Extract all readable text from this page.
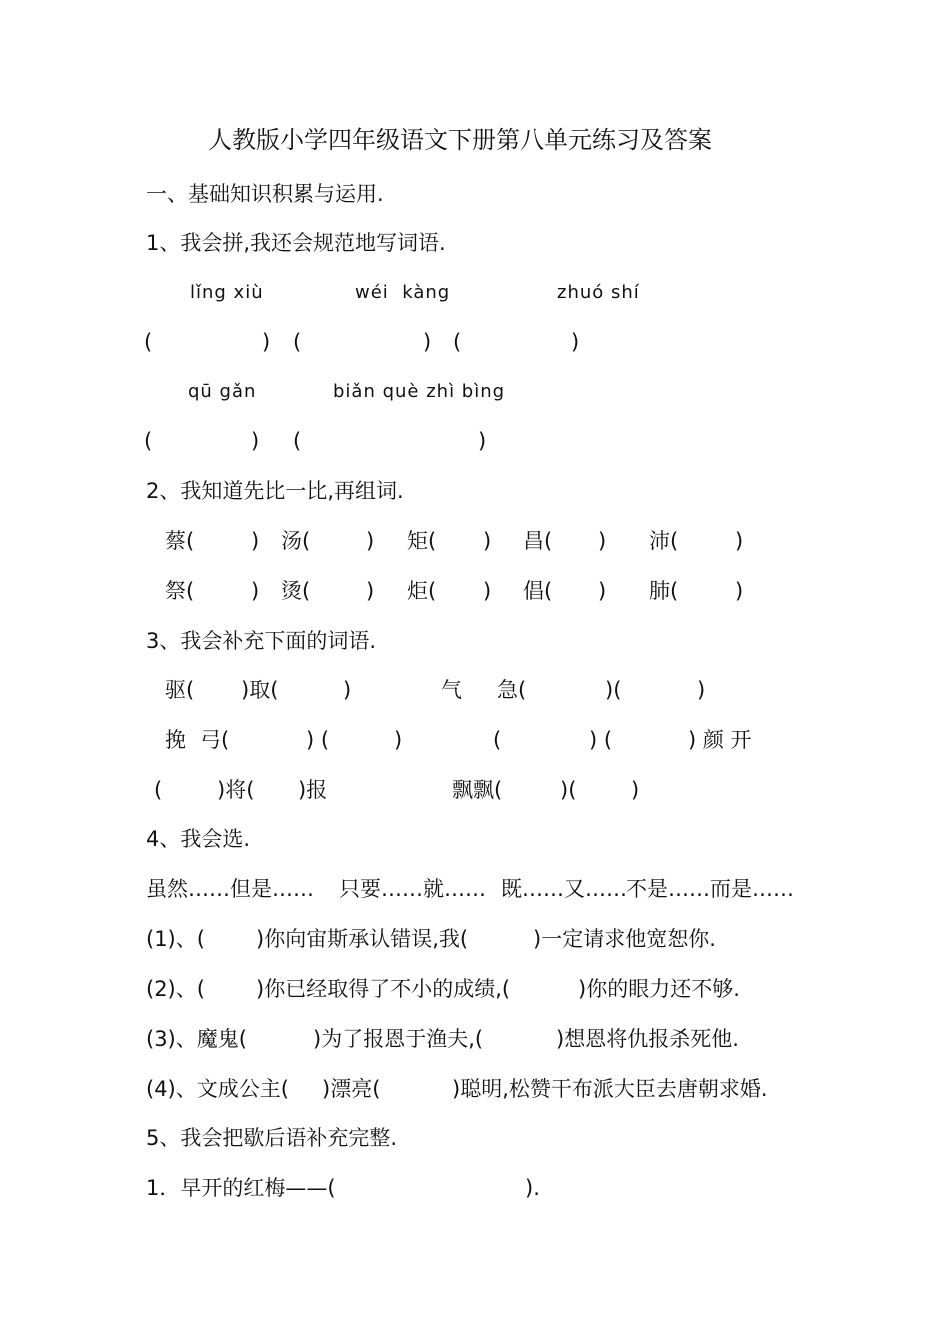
人教版小学四年级语文下册第八单元练习及答案
一、基础知识积累与运用.
1、我会拼,我还会规范地写词语.
lǐng xiù	wéi  kàng	zhuó shí
(	) (	) (	)
qū gǎn	biǎn què zhì bìng
(	) (	)
2、我知道先比一比,再组词.
蔡(	) 汤(	) 矩( ) 昌( ) 沛(	)
祭(	) 烫(	) 炬( ) 倡( ) 肺(	)
3、我会补充下面的词语.
驱( )取(	)	气 急(	)(	)
挽 弓(	) (	)	(	) (	) 颜 开
(	)将( )报	飘飘(	)(	)
4、我会选.
虽然……但是…… 只要……就…… 既……又…… 不是……而是……
(1)、( )你向宙斯承认错误,我(	)一定请求他宽恕你.
(2)、( )你已经取得了不小的成绩,(	)你的眼力还不够.
(3)、魔鬼(	)为了报恩于渔夫,(	)想恩将仇报杀死他.
(4)、文成公主( )漂亮(	)聪明,松赞干布派大臣去唐朝求婚.
5、我会把歇后语补充完整.
1．早开的红梅——(	).
